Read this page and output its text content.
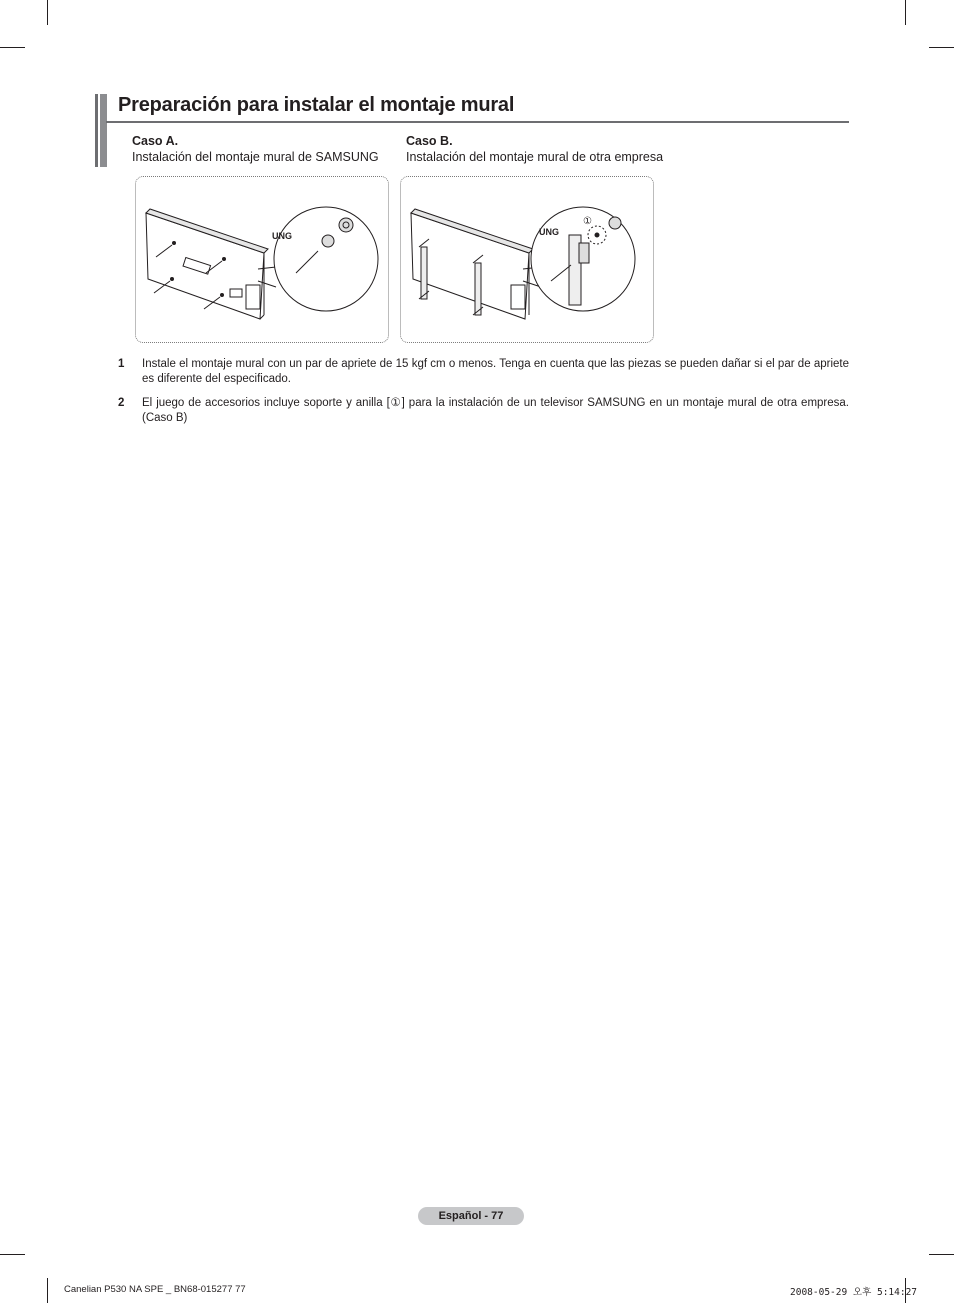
Preparación para instalar el montaje mural
Caso A.
Instalación del montaje mural de SAMSUNG
Caso B.
Instalación del montaje mural de otra empresa
UNG	UNG
①
1 Instale el montaje mural con un par de apriete de 15 kgf cm o menos. Tenga en cuenta que las piezas se pueden dañar si el par de apriete es diferente del especificado.
2 El juego de accesorios incluye soporte y anilla [①] para la instalación de un televisor SAMSUNG en un montaje mural de otra empresa. (Caso B)
Español - 77
Canelian P530 NA SPE _ BN68-015277 77	2008-05-29 오후 5:14:27
